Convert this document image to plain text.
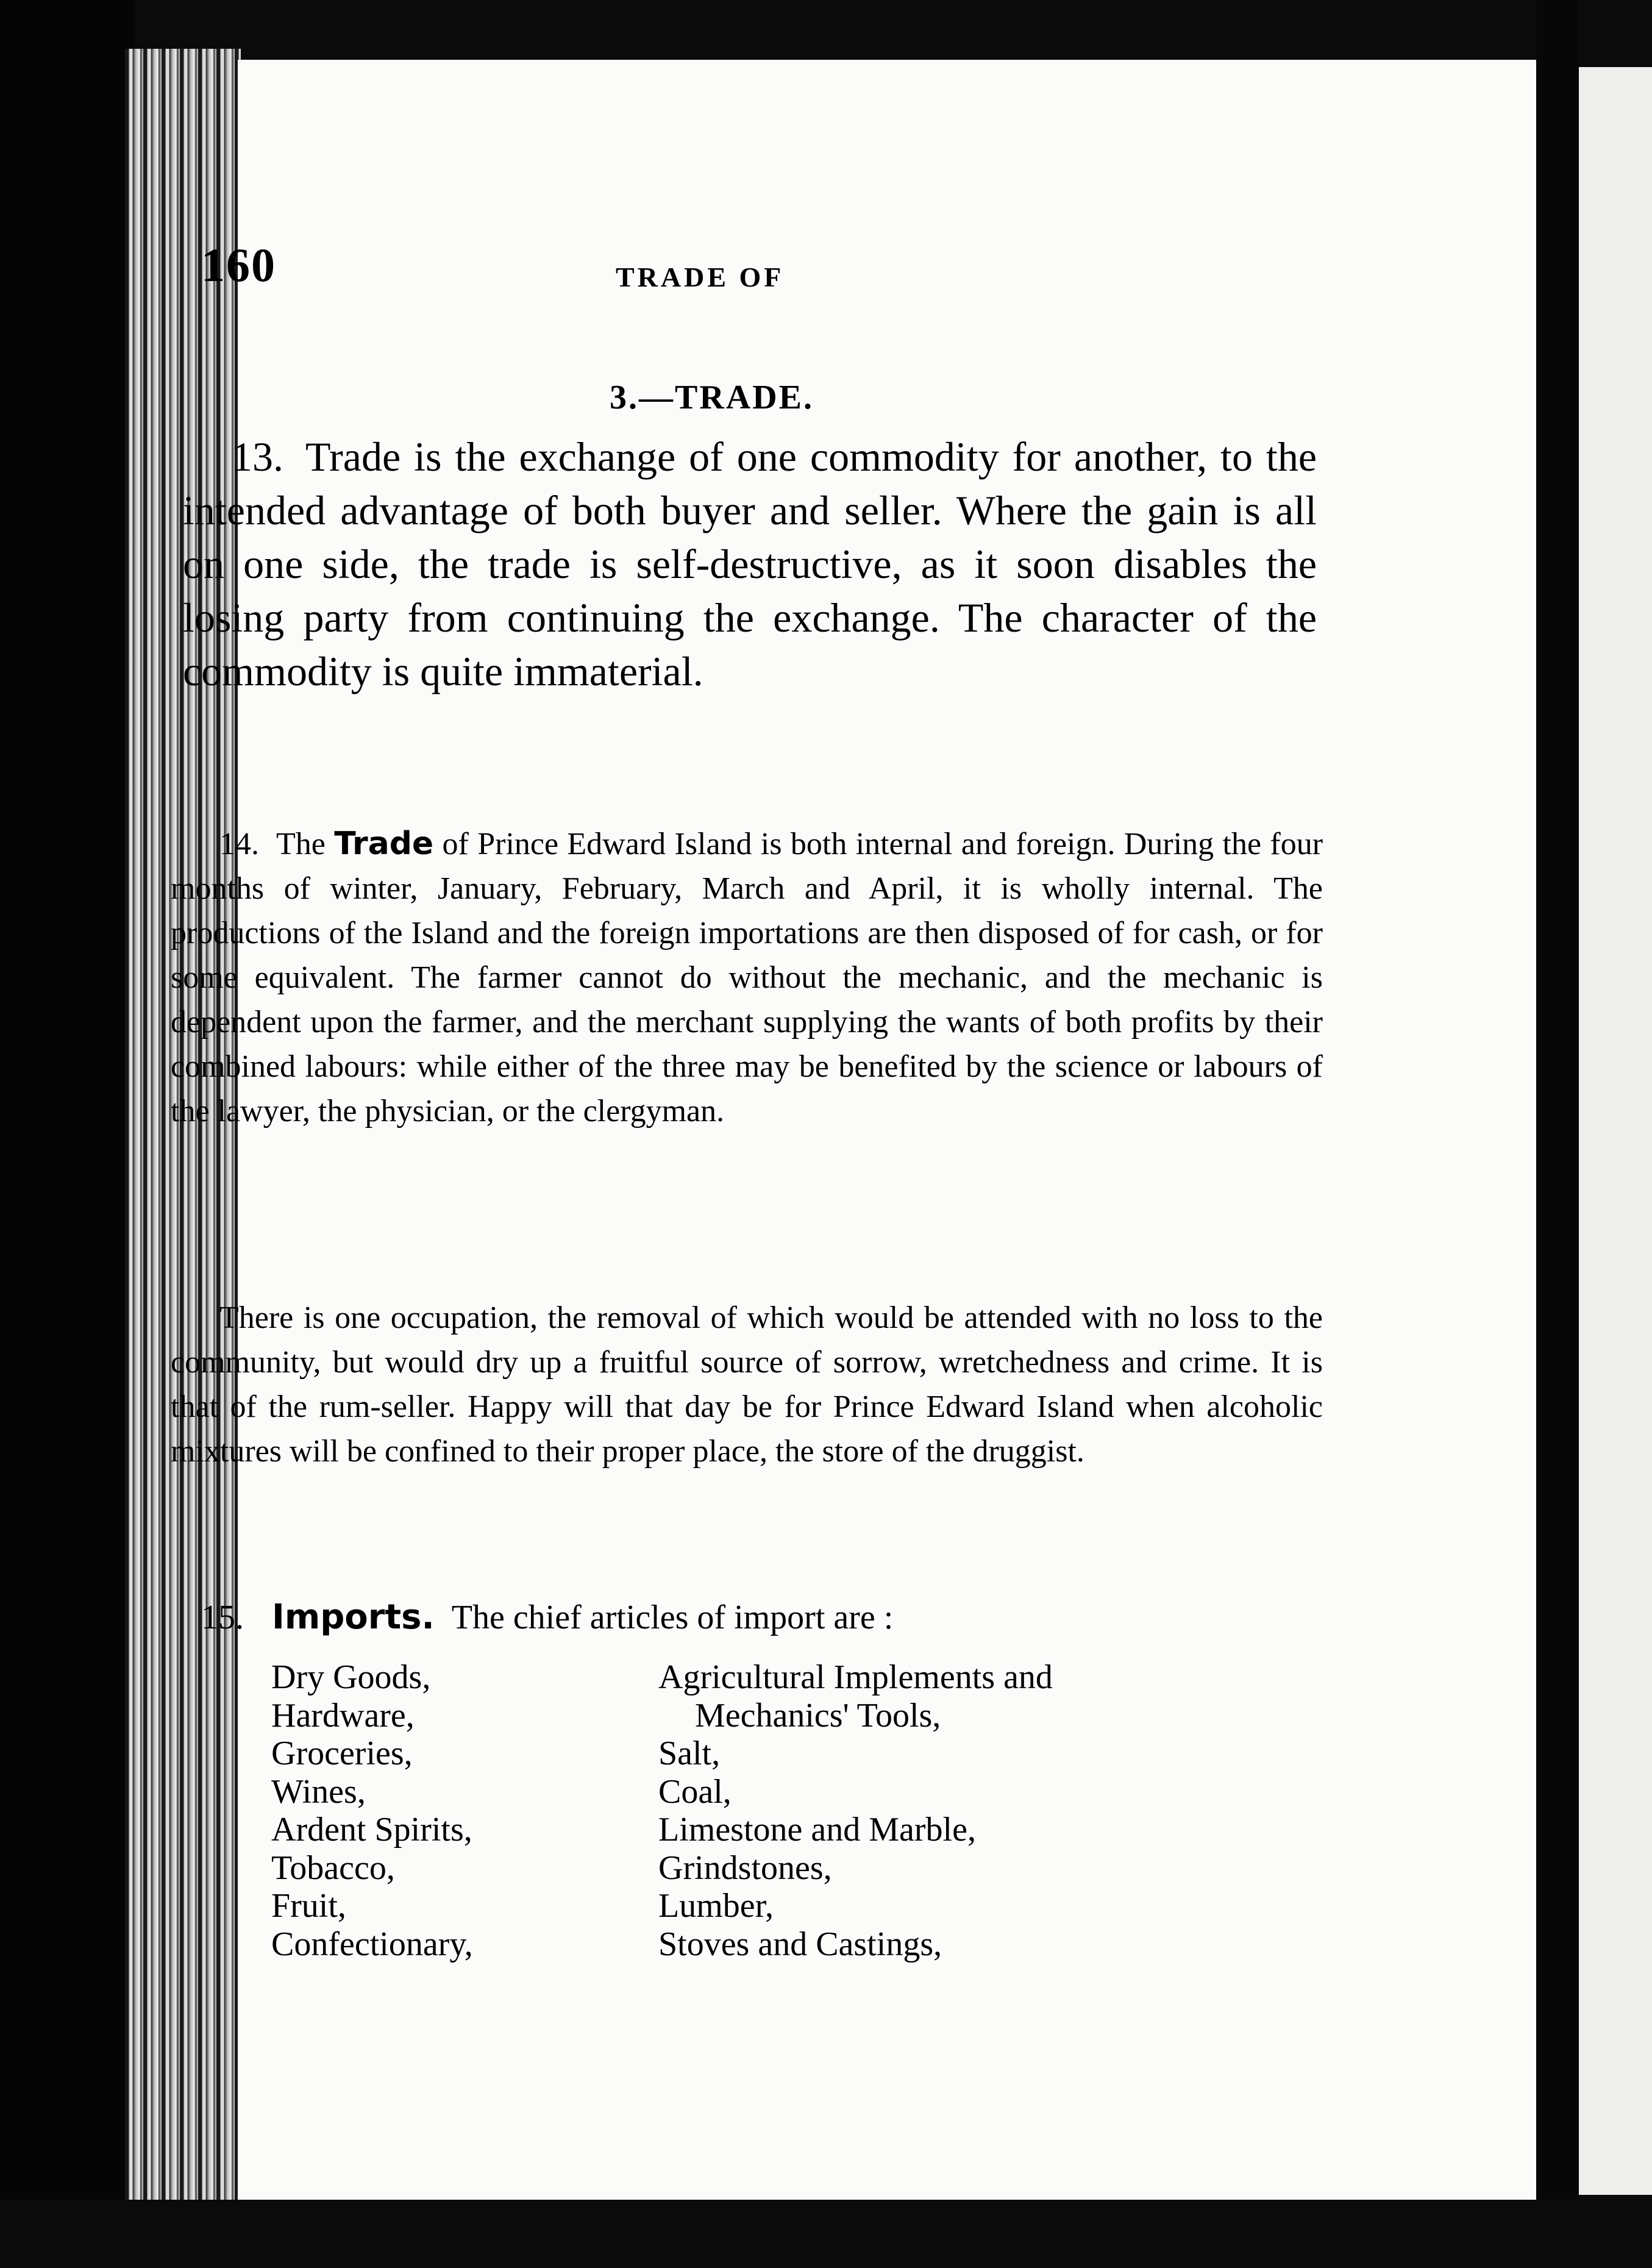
160	TRADE OF
3.—TRADE.
13. Trade is the exchange of one commodity for another, to the intended advantage of both buyer and seller. Where the gain is all on one side, the trade is self-destructive, as it soon disables the losing party from continuing the exchange. The character of the commodity is quite immaterial.
14. The Trade of Prince Edward Island is both internal and foreign. During the four months of winter, January, February, March and April, it is wholly internal. The productions of the Island and the foreign importations are then disposed of for cash, or for some equivalent. The farmer cannot do without the mechanic, and the mechanic is dependent upon the farmer, and the merchant supplying the wants of both profits by their combined labours: while either of the three may be benefited by the science or labours of the lawyer, the physician, or the clergyman.
There is one occupation, the removal of which would be attended with no loss to the community, but would dry up a fruitful source of sorrow, wretchedness and crime. It is that of the rum-seller. Happy will that day be for Prince Edward Island when alcoholic mixtures will be confined to their proper place, the store of the druggist.
15. Imports. The chief articles of import are :
Dry Goods,
Hardware,
Groceries,
Wines,
Ardent Spirits,
Tobacco,
Fruit,
Confectionary,
Agricultural Implements and
Mechanics' Tools,
Salt,
Coal,
Limestone and Marble,
Grindstones,
Lumber,
Stoves and Castings,
